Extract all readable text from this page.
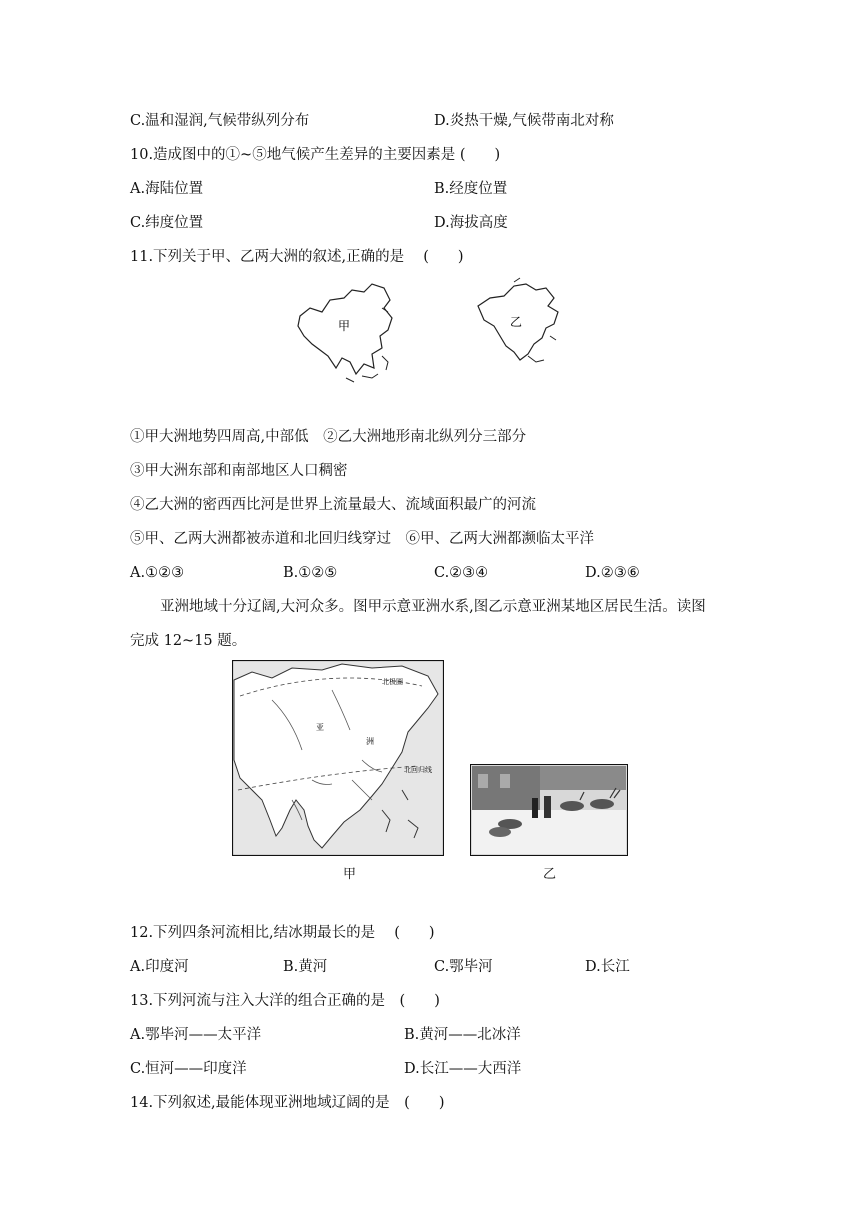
C.温和湿润,气候带纵列分布	D.炎热干燥,气候带南北对称
10.造成图中的①~⑤地气候产生差异的主要因素是 (　　)
A.海陆位置	B.经度位置
C.纬度位置	D.海拔高度
11.下列关于甲、乙两大洲的叙述,正确的是　 (　　)
甲	乙
①甲大洲地势四周高,中部低　②乙大洲地形南北纵列分三部分
③甲大洲东部和南部地区人口稠密
④乙大洲的密西西比河是世界上流量最大、流域面积最广的河流
⑤甲、乙两大洲都被赤道和北回归线穿过　⑥甲、乙两大洲都濒临太平洋
A.①②③	B.①②⑤	C.②③④	D.②③⑥
亚洲地域十分辽阔,大河众多。图甲示意亚洲水系,图乙示意亚洲某地区居民生活。读图
完成 12~15 题。
北极圈
北回归线
亚
洲
甲	乙
12.下列四条河流相比,结冰期最长的是　 (　　)
A.印度河	B.黄河	C.鄂毕河	D.长江
13.下列河流与注入大洋的组合正确的是　(　　)
A.鄂毕河——太平洋	B.黄河——北冰洋
C.恒河——印度洋	D.长江——大西洋
14.下列叙述,最能体现亚洲地域辽阔的是　(　　)
